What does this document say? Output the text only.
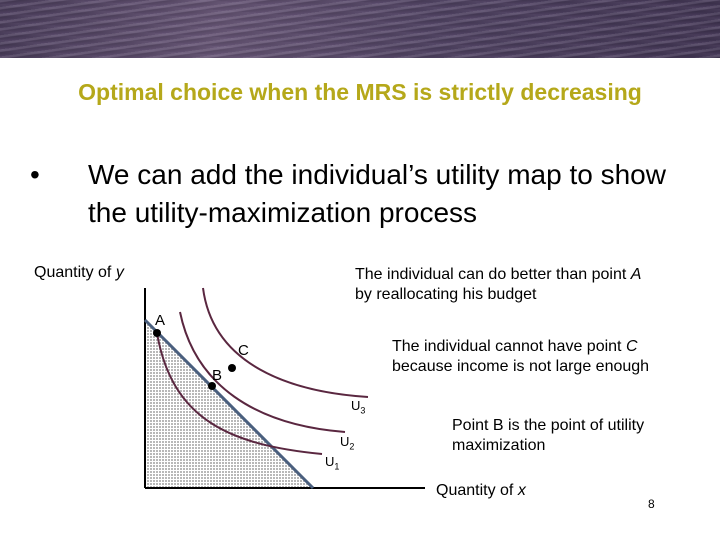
Optimal choice when the MRS is strictly decreasing
• We can add the individual’s utility map to show the utility-maximization process
Quantity of y
Quantity of x
A
B
C
$U_1$
$U_2$
$U_3$
The individual can do better than point A
by reallocating his budget
The individual cannot have point C
because income is not large enough
Point B is the point of utility maximization
8
